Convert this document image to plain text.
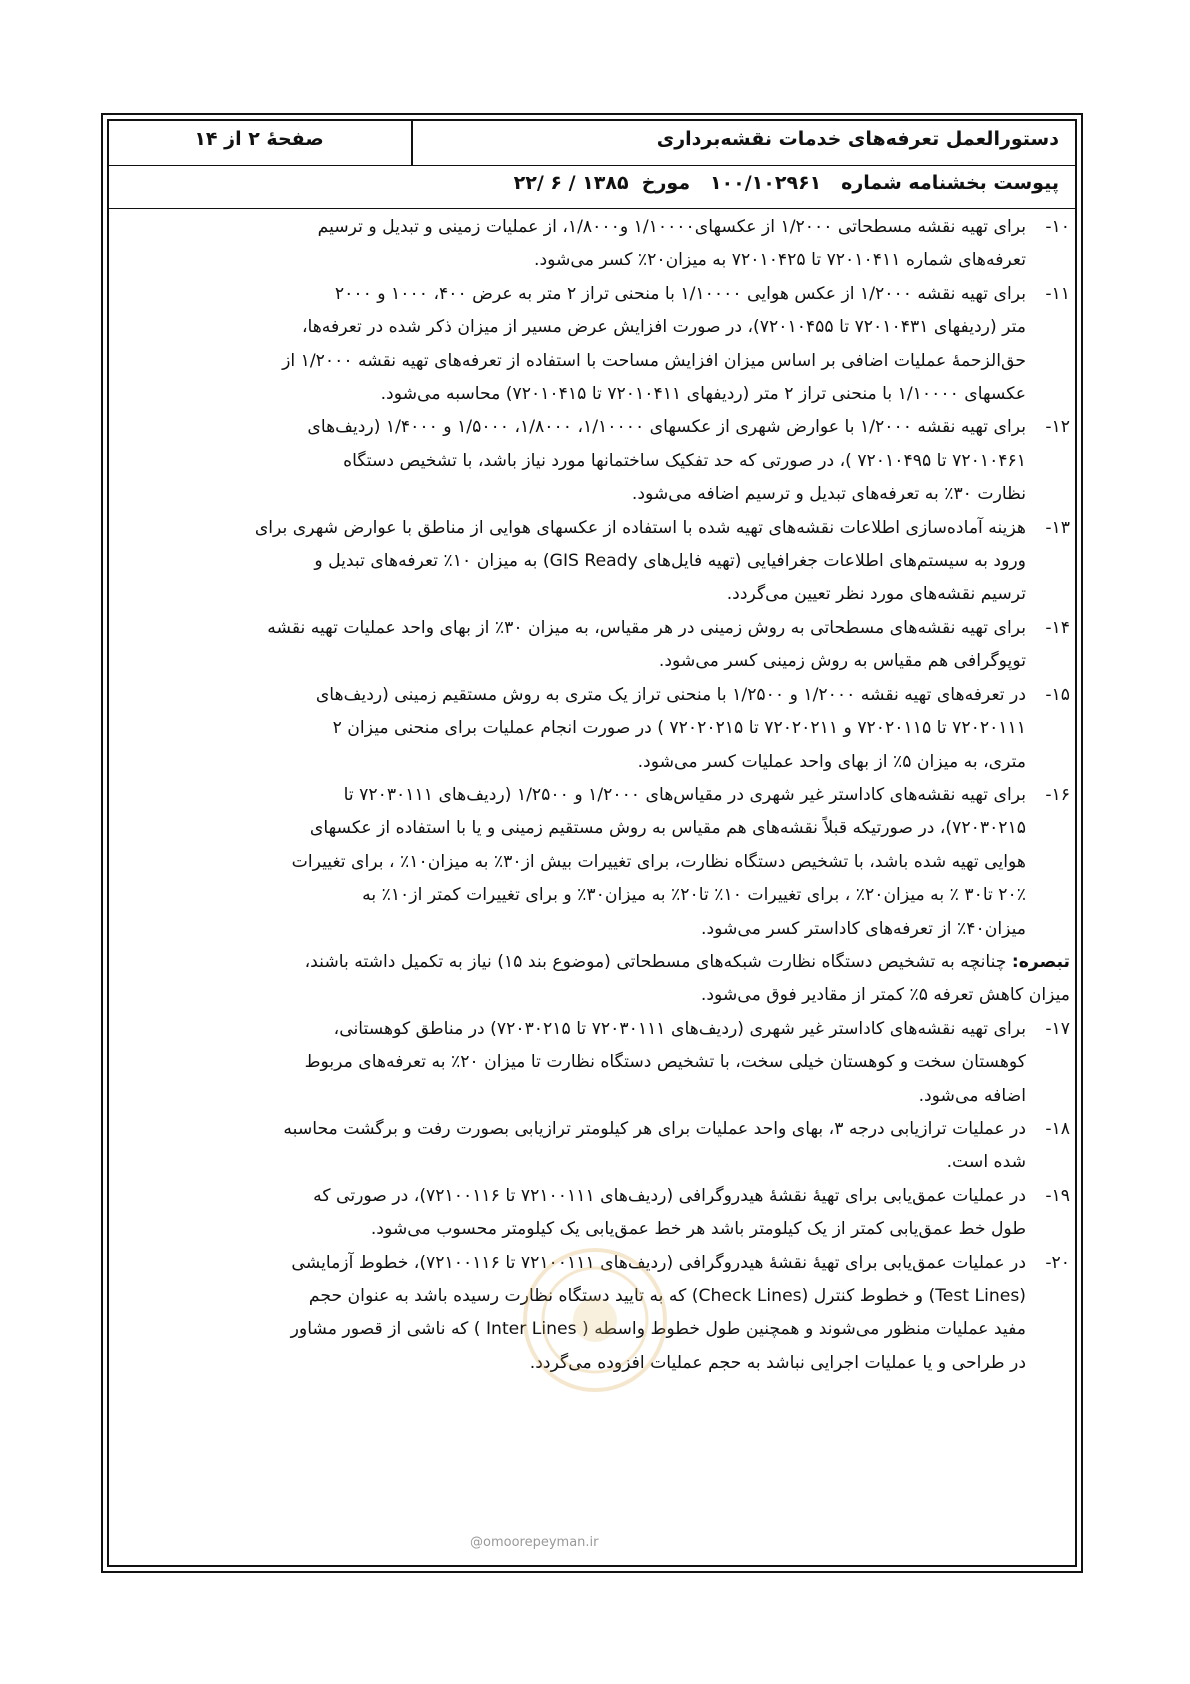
دستورالعمل تعرفه‌های خدمات نقشه‌برداری
صفحهٔ ۲ از ۱۴
پیوست بخشنامه شماره   ۱۰۰/۱۰۲۹۶۱   مورخ  ۱۳۸۵ / ۶ /۲۲
۱۰-
برای تهیه نقشه مسطحاتی ۱/۲۰۰۰ از عکسهای۱/۱۰۰۰۰ و۱/۸۰۰۰، از عملیات زمینی و تبدیل و ترسیم
تعرفه‌های شماره ۷۲۰۱۰۴۱۱ تا ۷۲۰۱۰۴۲۵ به میزان۲۰٪ کسر می‌شود.
۱۱-
برای تهیه نقشه ۱/۲۰۰۰ از عکس هوایی ۱/۱۰۰۰۰ با منحنی تراز ۲ متر به عرض ۴۰۰، ۱۰۰۰ و ۲۰۰۰
متر (ردیفهای ۷۲۰۱۰۴۳۱ تا ۷۲۰۱۰۴۵۵)، در صورت افزایش عرض مسیر از میزان ذکر شده در تعرفه‌ها،
حق‌الزحمهٔ عملیات اضافی بر اساس میزان افزایش مساحت با استفاده از تعرفه‌های تهیه نقشه ۱/۲۰۰۰ از
عکسهای ۱/۱۰۰۰۰ با منحنی تراز ۲ متر (ردیفهای ۷۲۰۱۰۴۱۱ تا ۷۲۰۱۰۴۱۵) محاسبه می‌شود.
۱۲-
برای تهیه نقشه ۱/۲۰۰۰ با عوارض شهری از عکسهای ۱/۱۰۰۰۰، ۱/۸۰۰۰، ۱/۵۰۰۰ و ۱/۴۰۰۰ (ردیف‌های
۷۲۰۱۰۴۶۱ تا ۷۲۰۱۰۴۹۵ )، در صورتی که حد تفکیک ساختمانها مورد نیاز باشد، با تشخیص دستگاه
نظارت ۳۰٪ به تعرفه‌های تبدیل و ترسیم اضافه می‌شود.
۱۳-
هزینه آماده‌سازی اطلاعات نقشه‌های تهیه شده با استفاده از عکسهای هوایی از مناطق با عوارض شهری برای
ورود به سیستم‌های اطلاعات جغرافیایی (تهیه فایل‌های GIS Ready) به میزان ۱۰٪ تعرفه‌های تبدیل و
ترسیم نقشه‌های مورد نظر تعیین می‌گردد.
۱۴-
برای تهیه نقشه‌های مسطحاتی به روش زمینی در هر مقیاس، به میزان ۳۰٪ از بهای واحد عملیات تهیه نقشه
توپوگرافی هم مقیاس به روش زمینی کسر می‌شود.
۱۵-
در تعرفه‌های تهیه نقشه ۱/۲۰۰۰ و ۱/۲۵۰۰ با منحنی تراز یک متری به روش مستقیم زمینی (ردیف‌های
۷۲۰۲۰۱۱۱ تا ۷۲۰۲۰۱۱۵ و ۷۲۰۲۰۲۱۱ تا ۷۲۰۲۰۲۱۵ ) در صورت انجام عملیات برای منحنی میزان ۲
متری، به میزان ۵٪ از بهای واحد عملیات کسر می‌شود.
۱۶-
برای تهیه نقشه‌های کاداستر غیر شهری در مقیاس‌های ۱/۲۰۰۰ و ۱/۲۵۰۰ (ردیف‌های ۷۲۰۳۰۱۱۱ تا
۷۲۰۳۰۲۱۵)، در صورتیکه قبلاً نقشه‌های هم مقیاس به روش مستقیم زمینی و یا با استفاده از عکسهای
هوایی تهیه شده باشد، با تشخیص دستگاه نظارت، برای تغییرات بیش از۳۰٪ به میزان۱۰٪ ، برای تغییرات
۲۰٪ تا۳۰ ٪ به میزان۲۰٪ ، برای تغییرات ۱۰٪ تا۲۰٪ به میزان۳۰٪ و برای تغییرات کمتر از۱۰٪ به
میزان۴۰٪ از تعرفه‌های کاداستر کسر می‌شود.
تبصره: چنانچه به تشخیص دستگاه نظارت شبکه‌های مسطحاتی (موضوع بند ۱۵) نیاز به تکمیل داشته باشند،
میزان کاهش تعرفه ۵٪ کمتر از مقادیر فوق می‌شود.
۱۷-
برای تهیه نقشه‌های کاداستر غیر شهری (ردیف‌های ۷۲۰۳۰۱۱۱ تا ۷۲۰۳۰۲۱۵) در مناطق کوهستانی،
کوهستان سخت و کوهستان خیلی سخت، با تشخیص دستگاه نظارت تا میزان ۲۰٪ به تعرفه‌های مربوط
اضافه می‌شود.
۱۸-
در عملیات ترازیابی درجه ۳، بهای واحد عملیات برای هر کیلومتر ترازیابی بصورت رفت و برگشت محاسبه
شده است.
۱۹-
در عملیات عمق‌یابی برای تهیهٔ نقشهٔ هیدروگرافی (ردیف‌های ۷۲۱۰۰۱۱۱ تا ۷۲۱۰۰۱۱۶)، در صورتی که
طول خط عمق‌یابی کمتر از یک کیلومتر باشد هر خط عمق‌یابی یک کیلومتر محسوب می‌شود.
۲۰-
در عملیات عمق‌یابی برای تهیهٔ نقشهٔ هیدروگرافی (ردیف‌های ۷۲۱۰۰۱۱۱ تا ۷۲۱۰۰۱۱۶)، خطوط آزمایشی
(Test Lines) و خطوط کنترل (Check Lines) که به تایید دستگاه نظارت رسیده باشد به عنوان حجم
مفید عملیات منظور می‌شوند و همچنین طول خطوط واسطه ( Inter Lines ) که ناشی از قصور مشاور
در طراحی و یا عملیات اجرایی نباشد به حجم عملیات افزوده می‌گردد.
@omoorepeyman.ir
